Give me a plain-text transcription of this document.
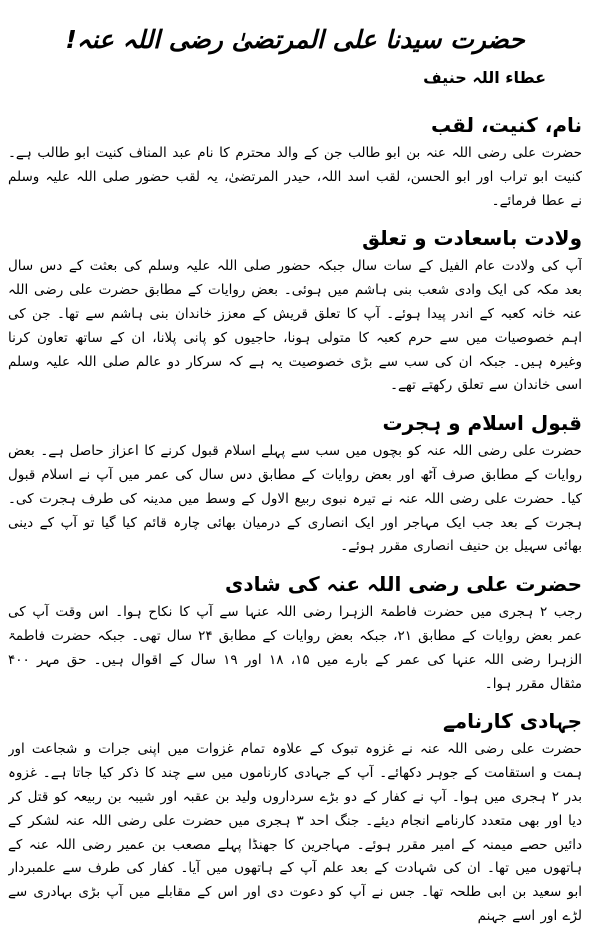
حضرت سیدنا علی المرتضیٰ رضی اللہ عنہ!
عطاء اللہ حنیف
نام، کنیت، لقب

حضرت علی رضی اللہ عنہ بن ابو طالب جن کے والد محترم کا نام عبد المناف کنیت ابو طالب ہے۔ کنیت ابو تراب اور ابو الحسن، لقب اسد اللہ، حیدر المرتضیٰ، یہ لقب حضور صلی اللہ علیہ وسلم نے عطا فرمائے۔

ولادت باسعادت و تعلق

آپ کی ولادت عام الفیل کے سات سال جبکہ حضور صلی اللہ علیہ وسلم کی بعثت کے دس سال بعد مکہ کی ایک وادی شعب بنی ہاشم میں ہوئی۔ بعض روایات کے مطابق حضرت علی رضی اللہ عنہ خانہ کعبہ کے اندر پیدا ہوئے۔ آپ کا تعلق قریش کے معزز خاندان بنی ہاشم سے تھا۔ جن کی اہم خصوصیات میں سے حرم کعبہ کا متولی ہونا، حاجیوں کو پانی پلانا، ان کے ساتھ تعاون کرنا وغیرہ ہیں۔ جبکہ ان کی سب سے بڑی خصوصیت یہ ہے کہ سرکار دو عالم صلی اللہ علیہ وسلم اسی خاندان سے تعلق رکھتے تھے۔

قبول اسلام و ہجرت

حضرت علی رضی اللہ عنہ کو بچوں میں سب سے پہلے اسلام قبول کرنے کا اعزاز حاصل ہے۔ بعض روایات کے مطابق صرف آٹھ اور بعض روایات کے مطابق دس سال کی عمر میں آپ نے اسلام قبول کیا۔ حضرت علی رضی اللہ عنہ نے تیرہ نبوی ربیع الاول کے وسط میں مدینہ کی طرف ہجرت کی۔ ہجرت کے بعد جب ایک مہاجر اور ایک انصاری کے درمیان بھائی چارہ قائم کیا گیا تو آپ کے دینی بھائی سہیل بن حنیف انصاری مقرر ہوئے۔

حضرت علی رضی اللہ عنہ کی شادی

رجب ۲ ہجری میں حضرت فاطمۃ الزہرا رضی اللہ عنہا سے آپ کا نکاح ہوا۔ اس وقت آپ کی عمر بعض روایات کے مطابق ۲۱، جبکہ بعض روایات کے مطابق ۲۴ سال تھی۔ جبکہ حضرت فاطمۃ الزہرا رضی اللہ عنہا کی عمر کے بارے میں ۱۵، ۱۸ اور ۱۹ سال کے اقوال ہیں۔ حق مہر ۴۰۰ مثقال مقرر ہوا۔

جہادی کارنامے

حضرت علی رضی اللہ عنہ نے غزوہ تبوک کے علاوہ تمام غزوات میں اپنی جرات و شجاعت اور ہمت و استقامت کے جوہر دکھائے۔ آپ کے جہادی کارناموں میں سے چند کا ذکر کیا جاتا ہے۔ غزوہ بدر ۲ ہجری میں ہوا۔ آپ نے کفار کے دو بڑے سرداروں ولید بن عقبہ اور شیبہ بن ربیعہ کو قتل کر دیا اور بھی متعدد کارنامے انجام دیئے۔ جنگ احد ۳ ہجری میں حضرت علی رضی اللہ عنہ لشکر کے دائیں حصے میمنہ کے امیر مقرر ہوئے۔ مہاجرین کا جھنڈا پہلے مصعب بن عمیر رضی اللہ عنہ کے ہاتھوں میں تھا۔ ان کی شہادت کے بعد علم آپ کے ہاتھوں میں آیا۔ کفار کی طرف سے علمبردار ابو سعید بن ابی طلحہ تھا۔ جس نے آپ کو دعوت دی اور اس کے مقابلے میں آپ بڑی بہادری سے لڑے اور اسے جہنم
